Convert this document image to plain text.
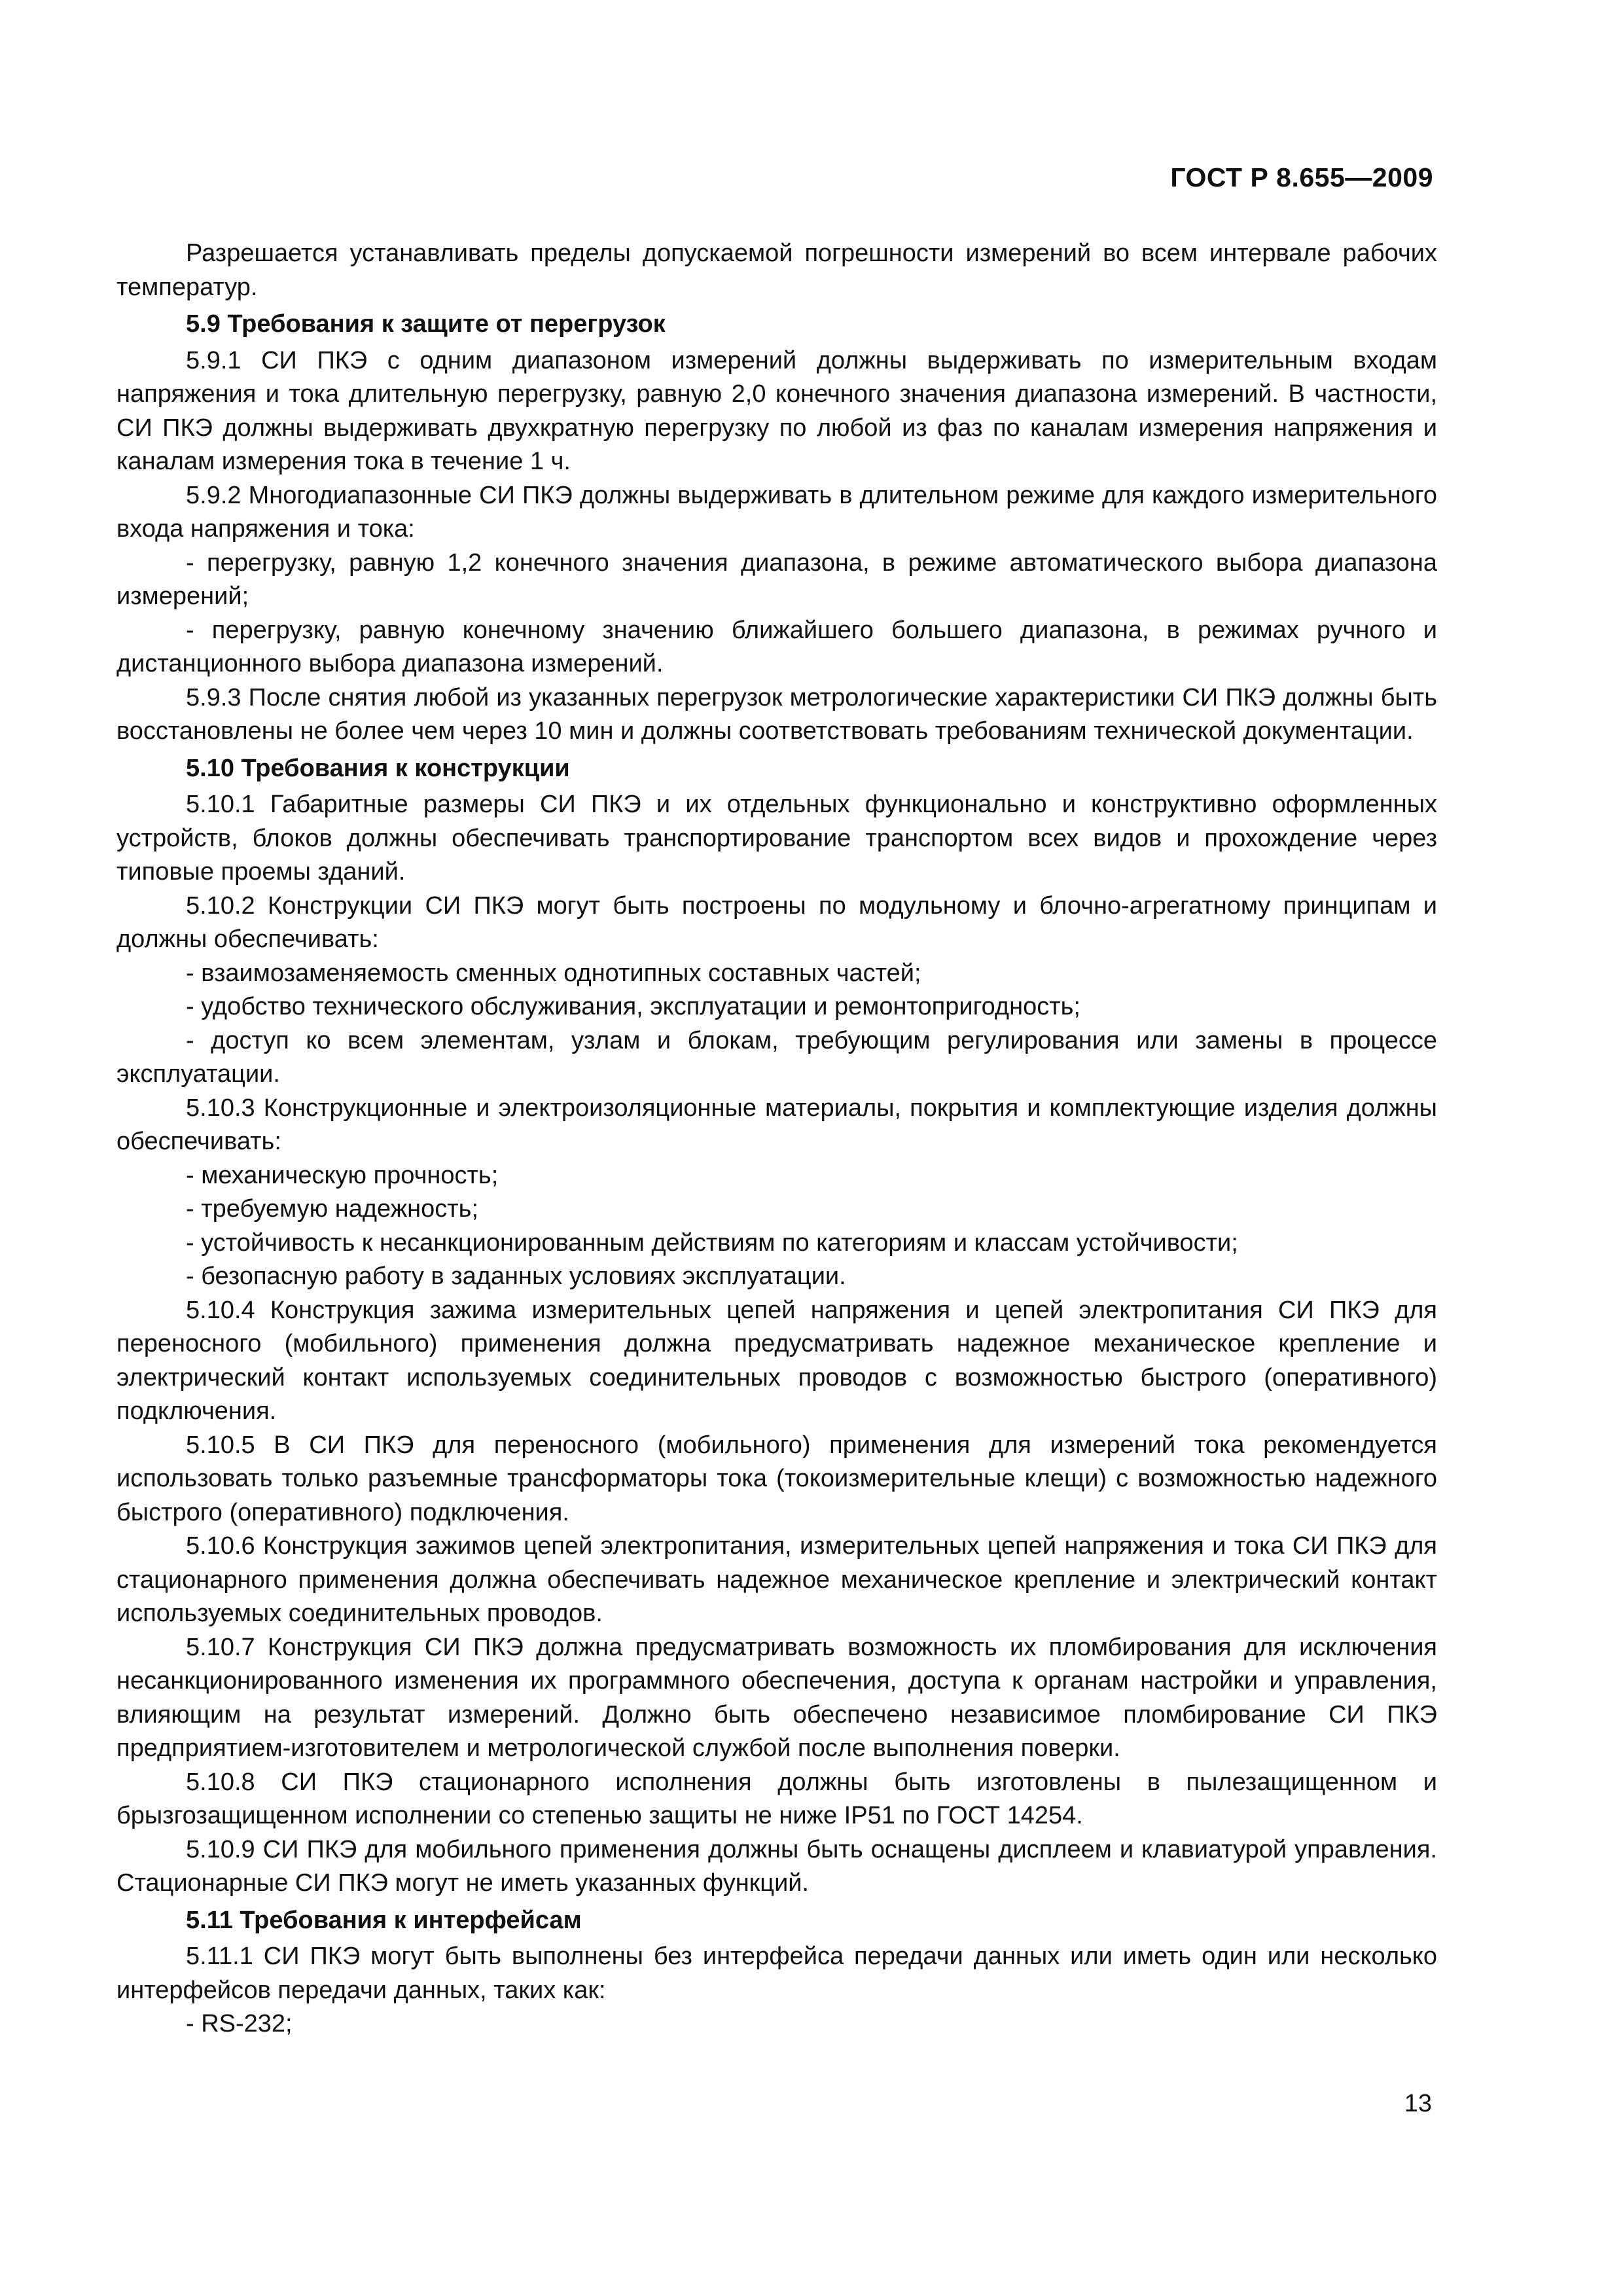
ГОСТ Р 8.655—2009

Разрешается устанавливать пределы допускаемой погрешности измерений во всем интервале рабочих температур.

5.9 Требования к защите от перегрузок

5.9.1 СИ ПКЭ с одним диапазоном измерений должны выдерживать по измерительным входам напряжения и тока длительную перегрузку, равную 2,0 конечного значения диапазона измерений. В частности, СИ ПКЭ должны выдерживать двухкратную перегрузку по любой из фаз по каналам измерения напряжения и каналам измерения тока в течение 1 ч.

5.9.2 Многодиапазонные СИ ПКЭ должны выдерживать в длительном режиме для каждого измерительного входа напряжения и тока:

- перегрузку, равную 1,2 конечного значения диапазона, в режиме автоматического выбора диапазона измерений;

- перегрузку, равную конечному значению ближайшего большего диапазона, в режимах ручного и дистанционного выбора диапазона измерений.

5.9.3 После снятия любой из указанных перегрузок метрологические характеристики СИ ПКЭ должны быть восстановлены не более чем через 10 мин и должны соответствовать требованиям технической документации.

5.10 Требования к конструкции

5.10.1 Габаритные размеры СИ ПКЭ и их отдельных функционально и конструктивно оформленных устройств, блоков должны обеспечивать транспортирование транспортом всех видов и прохождение через типовые проемы зданий.

5.10.2 Конструкции СИ ПКЭ могут быть построены по модульному и блочно-агрегатному принципам и должны обеспечивать:

- взаимозаменяемость сменных однотипных составных частей;

- удобство технического обслуживания, эксплуатации и ремонтопригодность;

- доступ ко всем элементам, узлам и блокам, требующим регулирования или замены в процессе эксплуатации.

5.10.3 Конструкционные и электроизоляционные материалы, покрытия и комплектующие изделия должны обеспечивать:

- механическую прочность;

- требуемую надежность;

- устойчивость к несанкционированным действиям по категориям и классам устойчивости;

- безопасную работу в заданных условиях эксплуатации.

5.10.4 Конструкция зажима измерительных цепей напряжения и цепей электропитания СИ ПКЭ для переносного (мобильного) применения должна предусматривать надежное механическое крепление и электрический контакт используемых соединительных проводов с возможностью быстрого (оперативного) подключения.

5.10.5 В СИ ПКЭ для переносного (мобильного) применения для измерений тока рекомендуется использовать только разъемные трансформаторы тока (токоизмерительные клещи) с возможностью надежного быстрого (оперативного) подключения.

5.10.6 Конструкция зажимов цепей электропитания, измерительных цепей напряжения и тока СИ ПКЭ для стационарного применения должна обеспечивать надежное механическое крепление и электрический контакт используемых соединительных проводов.

5.10.7 Конструкция СИ ПКЭ должна предусматривать возможность их пломбирования для исключения несанкционированного изменения их программного обеспечения, доступа к органам настройки и управления, влияющим на результат измерений. Должно быть обеспечено независимое пломбирование СИ ПКЭ предприятием-изготовителем и метрологической службой после выполнения поверки.

5.10.8 СИ ПКЭ стационарного исполнения должны быть изготовлены в пылезащищенном и брызгозащищенном исполнении со степенью защиты не ниже IP51 по ГОСТ 14254.

5.10.9 СИ ПКЭ для мобильного применения должны быть оснащены дисплеем и клавиатурой управления. Стационарные СИ ПКЭ могут не иметь указанных функций.

5.11 Требования к интерфейсам

5.11.1 СИ ПКЭ могут быть выполнены без интерфейса передачи данных или иметь один или несколько интерфейсов передачи данных, таких как:

- RS-232;

13
